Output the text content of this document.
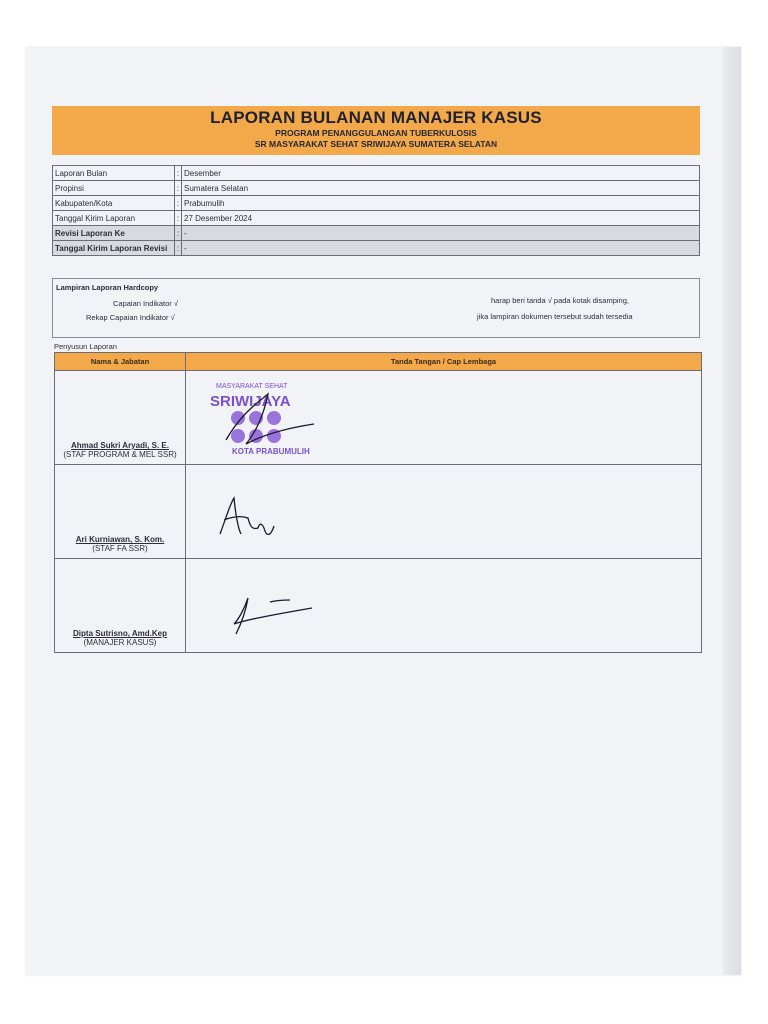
LAPORAN BULANAN MANAJER KASUS
PROGRAM PENANGGULANGAN TUBERKULOSIS
SR MASYARAKAT SEHAT SRIWIJAYA SUMATERA SELATAN
Laporan Bulan	:	Desember
Propinsi	:	Sumatera Selatan
Kabupaten/Kota	:	Prabumulih
Tanggal Kirim Laporan	:	27 Desember 2024
Revisi Laporan Ke	:	-
Tanggal Kirim Laporan Revisi	:	-
Lampiran Laporan Hardcopy
Capaian Indikator √
Rekap Capaian Indikator √
harap beri tanda √ pada kotak disamping,
jika lampiran dokumen tersebut sudah tersedia
Penyusun Laporan
Nama & Jabatan	Tanda Tangan / Cap Lembaga

Ahmad Sukri Aryadi, S. E.
(STAF PROGRAM & MEL SSR)	MASYARAKAT SEHAT
SRIWIJAYA
KOTA PRABUMULIH

Ari Kurniawan, S. Kom.
(STAF FA SSR)	

Dipta Sutrisno, Amd.Kep
(MANAJER KASUS)	
